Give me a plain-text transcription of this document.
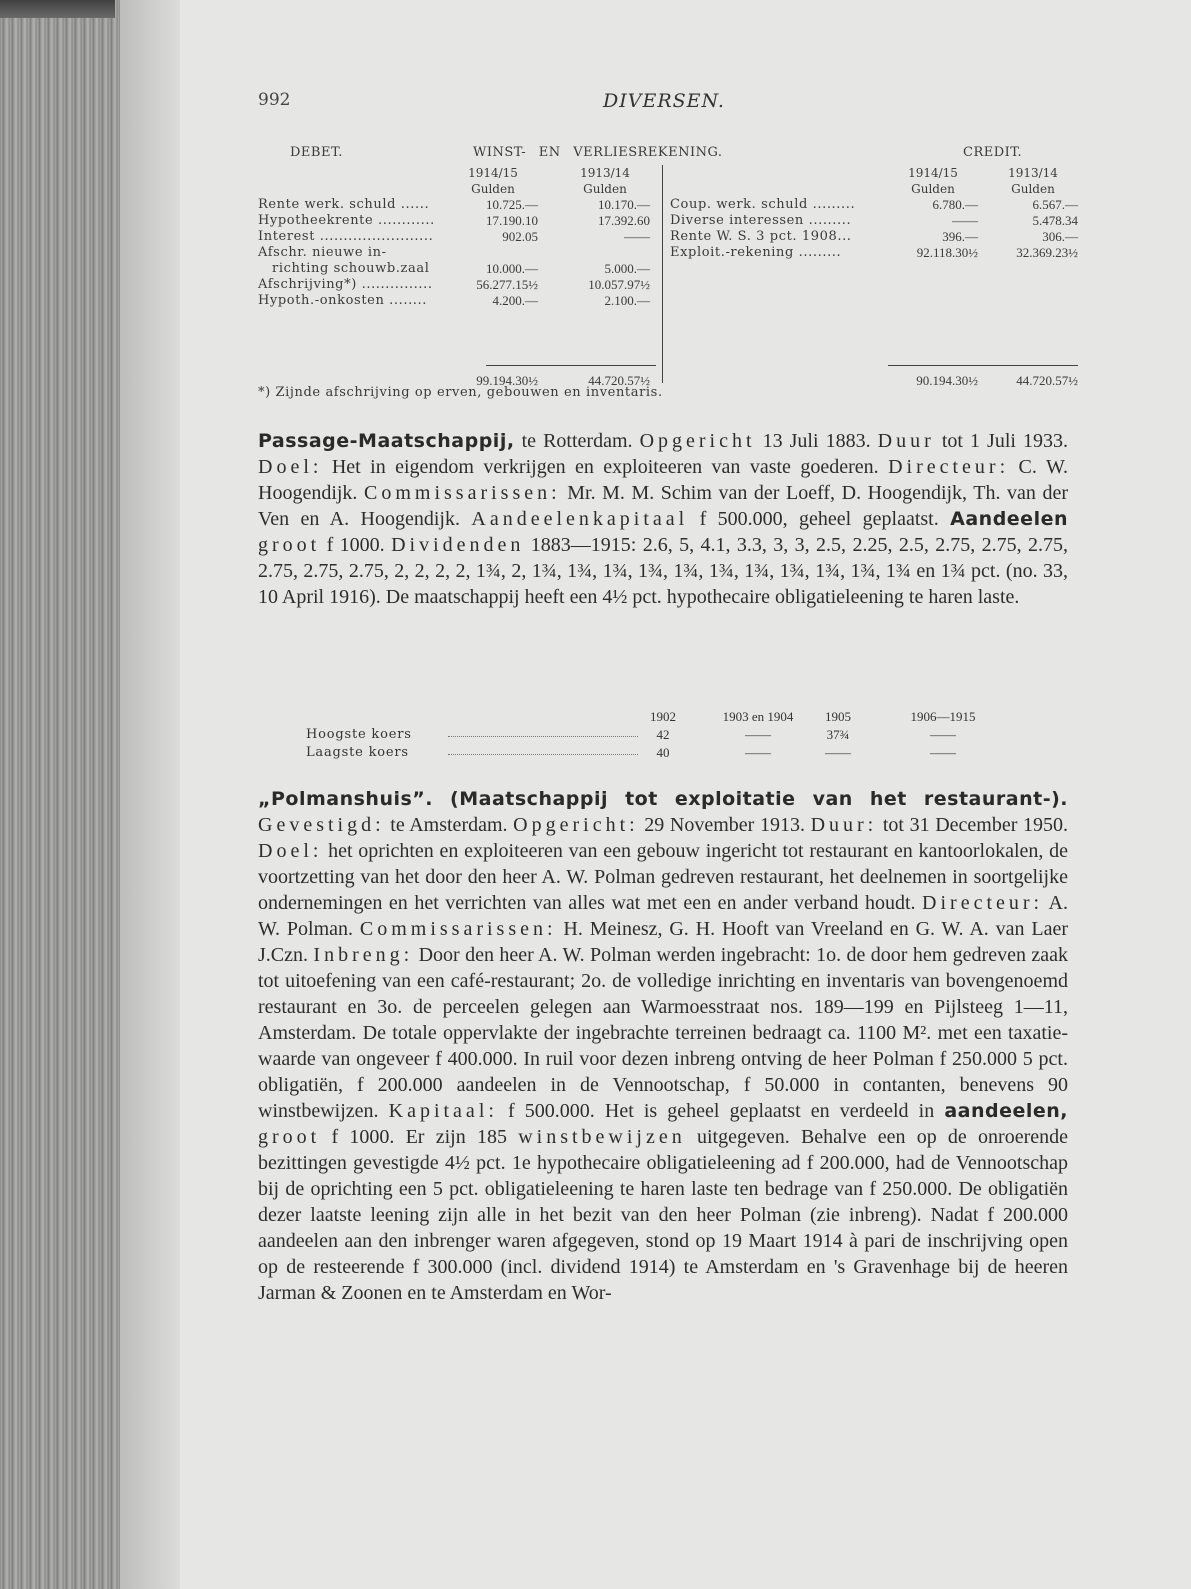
992	DIVERSEN.
DEBET.	WINST- EN VERLIESREKENING.	CREDIT.
1914/15	1913/14
Gulden	Gulden
Rente werk. schuld ......	10.725.—	10.170.—
Hypotheekrente ............	17.190.10	17.392.60
Interest ........................	902.05	——
Afschr. nieuwe in-
richting schouwb.zaal	10.000.—	5.000.—
Afschrijving*) ...............	56.277.15½	10.057.97½
Hypoth.-onkosten ........	4.200.—	2.100.—
99.194.30½	44.720.57½
1914/15	1913/14
Gulden	Gulden
Coup. werk. schuld .........	6.780.—	6.567.—
Diverse interessen .........	——	5.478.34
Rente W. S. 3 pct. 1908...	396.—	306.—
Exploit.-rekening .........	92.118.30½	32.369.23½
90.194.30½	44.720.57½
*) Zijnde afschrijving op erven, gebouwen en inventaris.

Passage-Maatschappij, te Rotterdam. Opgericht 13 Juli 1883. Duur tot 1 Juli 1933. Doel: Het in eigendom verkrijgen en exploiteeren van vaste goederen. Directeur: C. W. Hoogendijk. Commissarissen: Mr. M. M. Schim van der Loeff, D. Hoogendijk, Th. van der Ven en A. Hoogendijk. Aandeelenkapitaal f 500.000, geheel geplaatst. Aandeelen groot f 1000. Dividenden 1883—1915: 2.6, 5, 4.1, 3.3, 3, 3, 2.5, 2.25, 2.5, 2.75, 2.75, 2.75, 2.75, 2.75, 2.75, 2, 2, 2, 2, 1¾, 2, 1¾, 1¾, 1¾, 1¾, 1¾, 1¾, 1¾, 1¾, 1¾, 1¾, 1¾ en 1¾ pct. (no. 33, 10 April 1916). De maatschappij heeft een 4½ pct. hypothecaire obligatieleening te haren laste.

1902	1903 en 1904	1905	1906—1915
Hoogste koers	42	——	37¾	——
Laagste koers	40	——	——	——

„Polmanshuis”. (Maatschappij tot exploitatie van het restaurant-). Gevestigd: te Amsterdam. Opgericht: 29 November 1913. Duur: tot 31 December 1950. Doel: het oprichten en exploiteeren van een gebouw ingericht tot restaurant en kantoorlokalen, de voortzetting van het door den heer A. W. Polman gedreven restaurant, het deelnemen in soortgelijke ondernemingen en het verrichten van alles wat met een en ander verband houdt. Directeur: A. W. Polman. Commissarissen: H. Meinesz, G. H. Hooft van Vreeland en G. W. A. van Laer J.Czn. Inbreng: Door den heer A. W. Polman werden ingebracht: 1o. de door hem gedreven zaak tot uitoefening van een café-restaurant; 2o. de volledige inrichting en inventaris van bovengenoemd restaurant en 3o. de perceelen gelegen aan Warmoesstraat nos. 189—199 en Pijlsteeg 1—11, Amsterdam. De totale oppervlakte der ingebrachte terreinen bedraagt ca. 1100 M². met een taxatie-waarde van ongeveer f 400.000. In ruil voor dezen inbreng ontving de heer Polman f 250.000 5 pct. obligatiën, f 200.000 aandeelen in de Vennootschap, f 50.000 in contanten, benevens 90 winstbewijzen. Kapitaal: f 500.000. Het is geheel geplaatst en verdeeld in aandeelen, groot f 1000. Er zijn 185 winstbewijzen uitgegeven. Behalve een op de onroerende bezittingen gevestigde 4½ pct. 1e hypothecaire obligatieleening ad f 200.000, had de Vennootschap bij de oprichting een 5 pct. obligatieleening te haren laste ten bedrage van f 250.000. De obligatiën dezer laatste leening zijn alle in het bezit van den heer Polman (zie inbreng). Nadat f 200.000 aandeelen aan den inbrenger waren afgegeven, stond op 19 Maart 1914 à pari de inschrijving open op de resteerende f 300.000 (incl. dividend 1914) te Amsterdam en 's Gravenhage bij de heeren Jarman & Zoonen en te Amsterdam en Wor-
